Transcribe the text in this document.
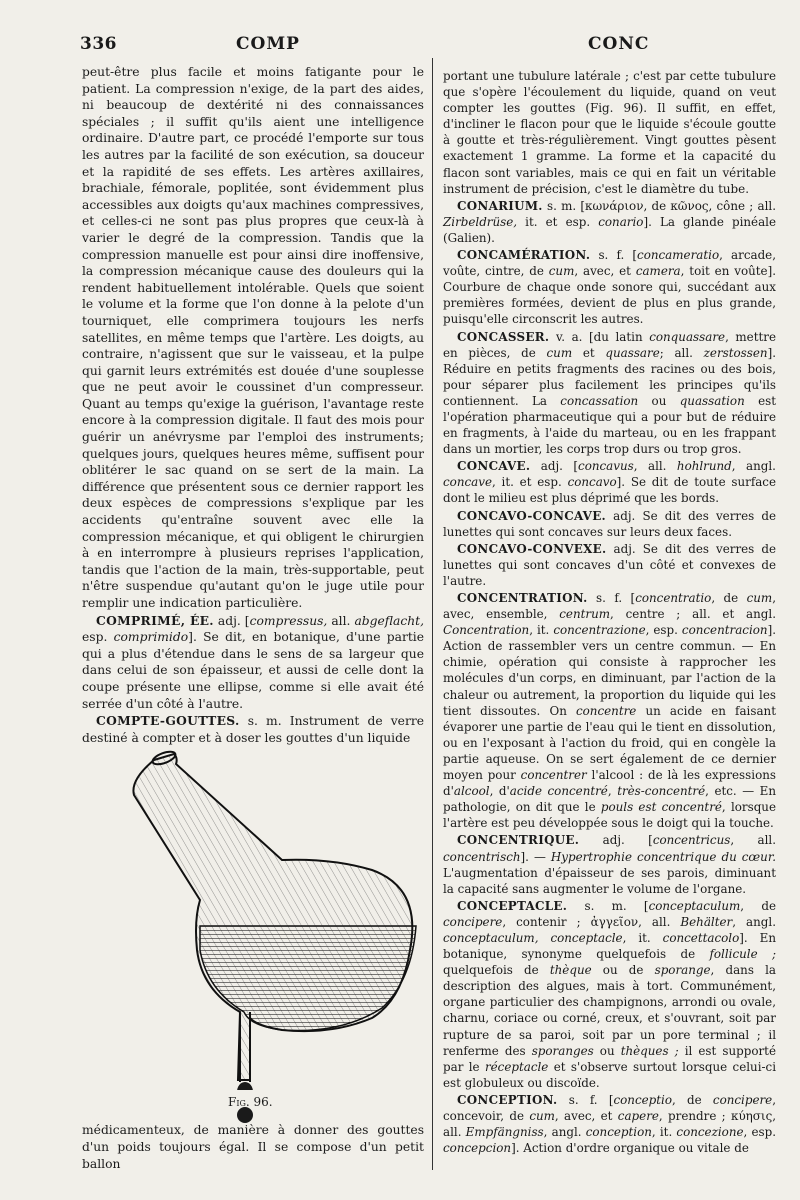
336	COMP	CONC

peut-être plus facile et moins fatigante pour le patient. La compression n'exige, de la part des aides, ni beaucoup de dextérité ni des connaissances spéciales ; il suffit qu'ils aient une intelligence ordinaire. D'autre part, ce procédé l'emporte sur tous les autres par la facilité de son exécution, sa douceur et la rapidité de ses effets. Les artères axillaires, brachiale, fémorale, poplitée, sont évidemment plus accessibles aux doigts qu'aux machines compressives, et celles-ci ne sont pas plus propres que ceux-là à varier le degré de la compression. Tandis que la compression manuelle est pour ainsi dire inoffensive, la compression mécanique cause des douleurs qui la rendent habituellement intolérable. Quels que soient le volume et la forme que l'on donne à la pelote d'un tourniquet, elle comprimera toujours les nerfs satellites, en même temps que l'artère. Les doigts, au contraire, n'agissent que sur le vaisseau, et la pulpe qui garnit leurs extrémités est douée d'une souplesse que ne peut avoir le coussinet d'un compresseur. Quant au temps qu'exige la guérison, l'avantage reste encore à la compression digitale. Il faut des mois pour guérir un anévrysme par l'emploi des instruments; quelques jours, quelques heures même, suffisent pour oblitérer le sac quand on se sert de la main. La différence que présentent sous ce dernier rapport les deux espèces de compressions s'explique par les accidents qu'entraîne souvent avec elle la compression mécanique, et qui obligent le chirurgien à en interrompre à plusieurs reprises l'application, tandis que l'action de la main, très-supportable, peut n'être suspendue qu'autant qu'on le juge utile pour remplir une indication particulière.

COMPRIMÉ, ÉE. adj. [compressus, all. abgeflacht, esp. comprimido]. Se dit, en botanique, d'une partie qui a plus d'étendue dans le sens de sa largeur que dans celui de son épaisseur, et aussi de celle dont la coupe présente une ellipse, comme si elle avait été serrée d'un côté à l'autre.

COMPTE-GOUTTES. s. m. Instrument de verre destiné à compter et à doser les gouttes d'un liquide

Fig. 96.

médicamenteux, de manière à donner des gouttes d'un poids toujours égal. Il se compose d'un petit ballon

portant une tubulure latérale ; c'est par cette tubulure que s'opère l'écoulement du liquide, quand on veut compter les gouttes (Fig. 96). Il suffit, en effet, d'incliner le flacon pour que le liquide s'écoule goutte à goutte et très-régulièrement. Vingt gouttes pèsent exactement 1 gramme. La forme et la capacité du flacon sont variables, mais ce qui en fait un véritable instrument de précision, c'est le diamètre du tube.

CONARIUM. s. m. [κωνάριον, de κῶνος, cône ; all. Zirbeldrüse, it. et esp. conario]. La glande pinéale (Galien).

CONCAMÉRATION. s. f. [concameratio, arcade, voûte, cintre, de cum, avec, et camera, toit en voûte]. Courbure de chaque onde sonore qui, succédant aux premières formées, devient de plus en plus grande, puisqu'elle circonscrit les autres.

CONCASSER. v. a. [du latin conquassare, mettre en pièces, de cum et quassare; all. zerstossen]. Réduire en petits fragments des racines ou des bois, pour séparer plus facilement les principes qu'ils contiennent. La concassation ou quassation est l'opération pharmaceutique qui a pour but de réduire en fragments, à l'aide du marteau, ou en les frappant dans un mortier, les corps trop durs ou trop gros.

CONCAVE. adj. [concavus, all. hohlrund, angl. concave, it. et esp. concavo]. Se dit de toute surface dont le milieu est plus déprimé que les bords.

CONCAVO-CONCAVE. adj. Se dit des verres de lunettes qui sont concaves sur leurs deux faces.

CONCAVO-CONVEXE. adj. Se dit des verres de lunettes qui sont concaves d'un côté et convexes de l'autre.

CONCENTRATION. s. f. [concentratio, de cum, avec, ensemble, centrum, centre ; all. et angl. Concentration, it. concentrazione, esp. concentracion]. Action de rassembler vers un centre commun. — En chimie, opération qui consiste à rapprocher les molécules d'un corps, en diminuant, par l'action de la chaleur ou autrement, la proportion du liquide qui les tient dissoutes. On concentre un acide en faisant évaporer une partie de l'eau qui le tient en dissolution, ou en l'exposant à l'action du froid, qui en congèle la partie aqueuse. On se sert également de ce dernier moyen pour concentrer l'alcool : de là les expressions d'alcool, d'acide concentré, très-concentré, etc. — En pathologie, on dit que le pouls est concentré, lorsque l'artère est peu développée sous le doigt qui la touche.

CONCENTRIQUE. adj. [concentricus, all. concentrisch]. — Hypertrophie concentrique du cœur. L'augmentation d'épaisseur de ses parois, diminuant la capacité sans augmenter le volume de l'organe.

CONCEPTACLE. s. m. [conceptaculum, de concipere, contenir ; ἀγγεῖον, all. Behälter, angl. conceptaculum, conceptacle, it. concettacolo]. En botanique, synonyme quelquefois de follicule ; quelquefois de thèque ou de sporange, dans la description des algues, mais à tort. Communément, organe particulier des champignons, arrondi ou ovale, charnu, coriace ou corné, creux, et s'ouvrant, soit par rupture de sa paroi, soit par un pore terminal ; il renferme des sporanges ou thèques ; il est supporté par le réceptacle et s'observe surtout lorsque celui-ci est globuleux ou discoïde.

CONCEPTION. s. f. [conceptio, de concipere, concevoir, de cum, avec, et capere, prendre ; κύησις, all. Empfängniss, angl. conception, it. concezione, esp. concepcion]. Action d'ordre organique ou vitale de
